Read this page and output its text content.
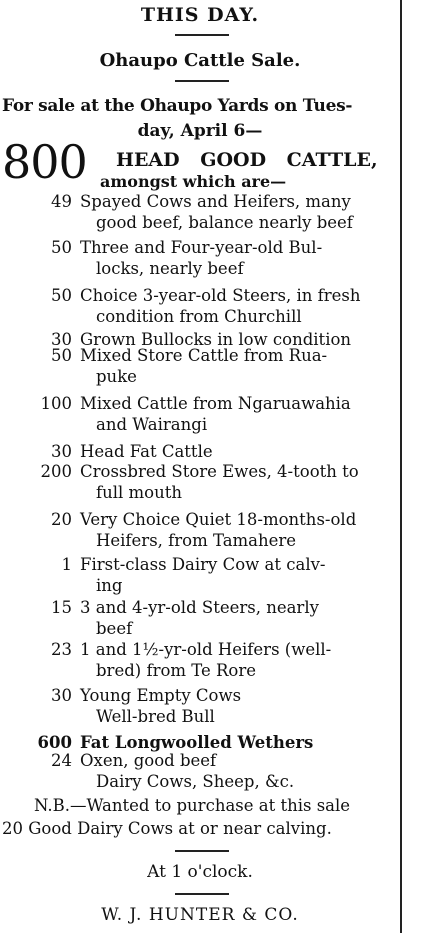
THIS DAY.
Ohaupo Cattle Sale.
For sale at the Ohaupo Yards on Tues-
day, April 6—
800 HEAD GOOD CATTLE,
amongst which are—
49 Spayed Cows and Heifers, many
good beef, balance nearly beef
50 Three and Four-year-old Bul-
locks, nearly beef
50 Choice 3-year-old Steers, in fresh
condition from Churchill
30 Grown Bullocks in low condition
50 Mixed Store Cattle from Rua-
puke
100 Mixed Cattle from Ngaruawahia
and Wairangi
30 Head Fat Cattle
200 Crossbred Store Ewes, 4-tooth to
full mouth
20 Very Choice Quiet 18-months-old
Heifers, from Tamahere
1 First-class Dairy Cow at calv-
ing
15 3 and 4-yr-old Steers, nearly
beef
23 1 and 1½-yr-old Heifers (well-
bred) from Te Rore
30 Young Empty Cows
Well-bred Bull
600 Fat Longwoolled Wethers
24 Oxen, good beef
Dairy Cows, Sheep, &c.
N.B.—Wanted to purchase at this sale
20 Good Dairy Cows at or near calving.
At 1 o'clock.
W. J. HUNTER & CO.
